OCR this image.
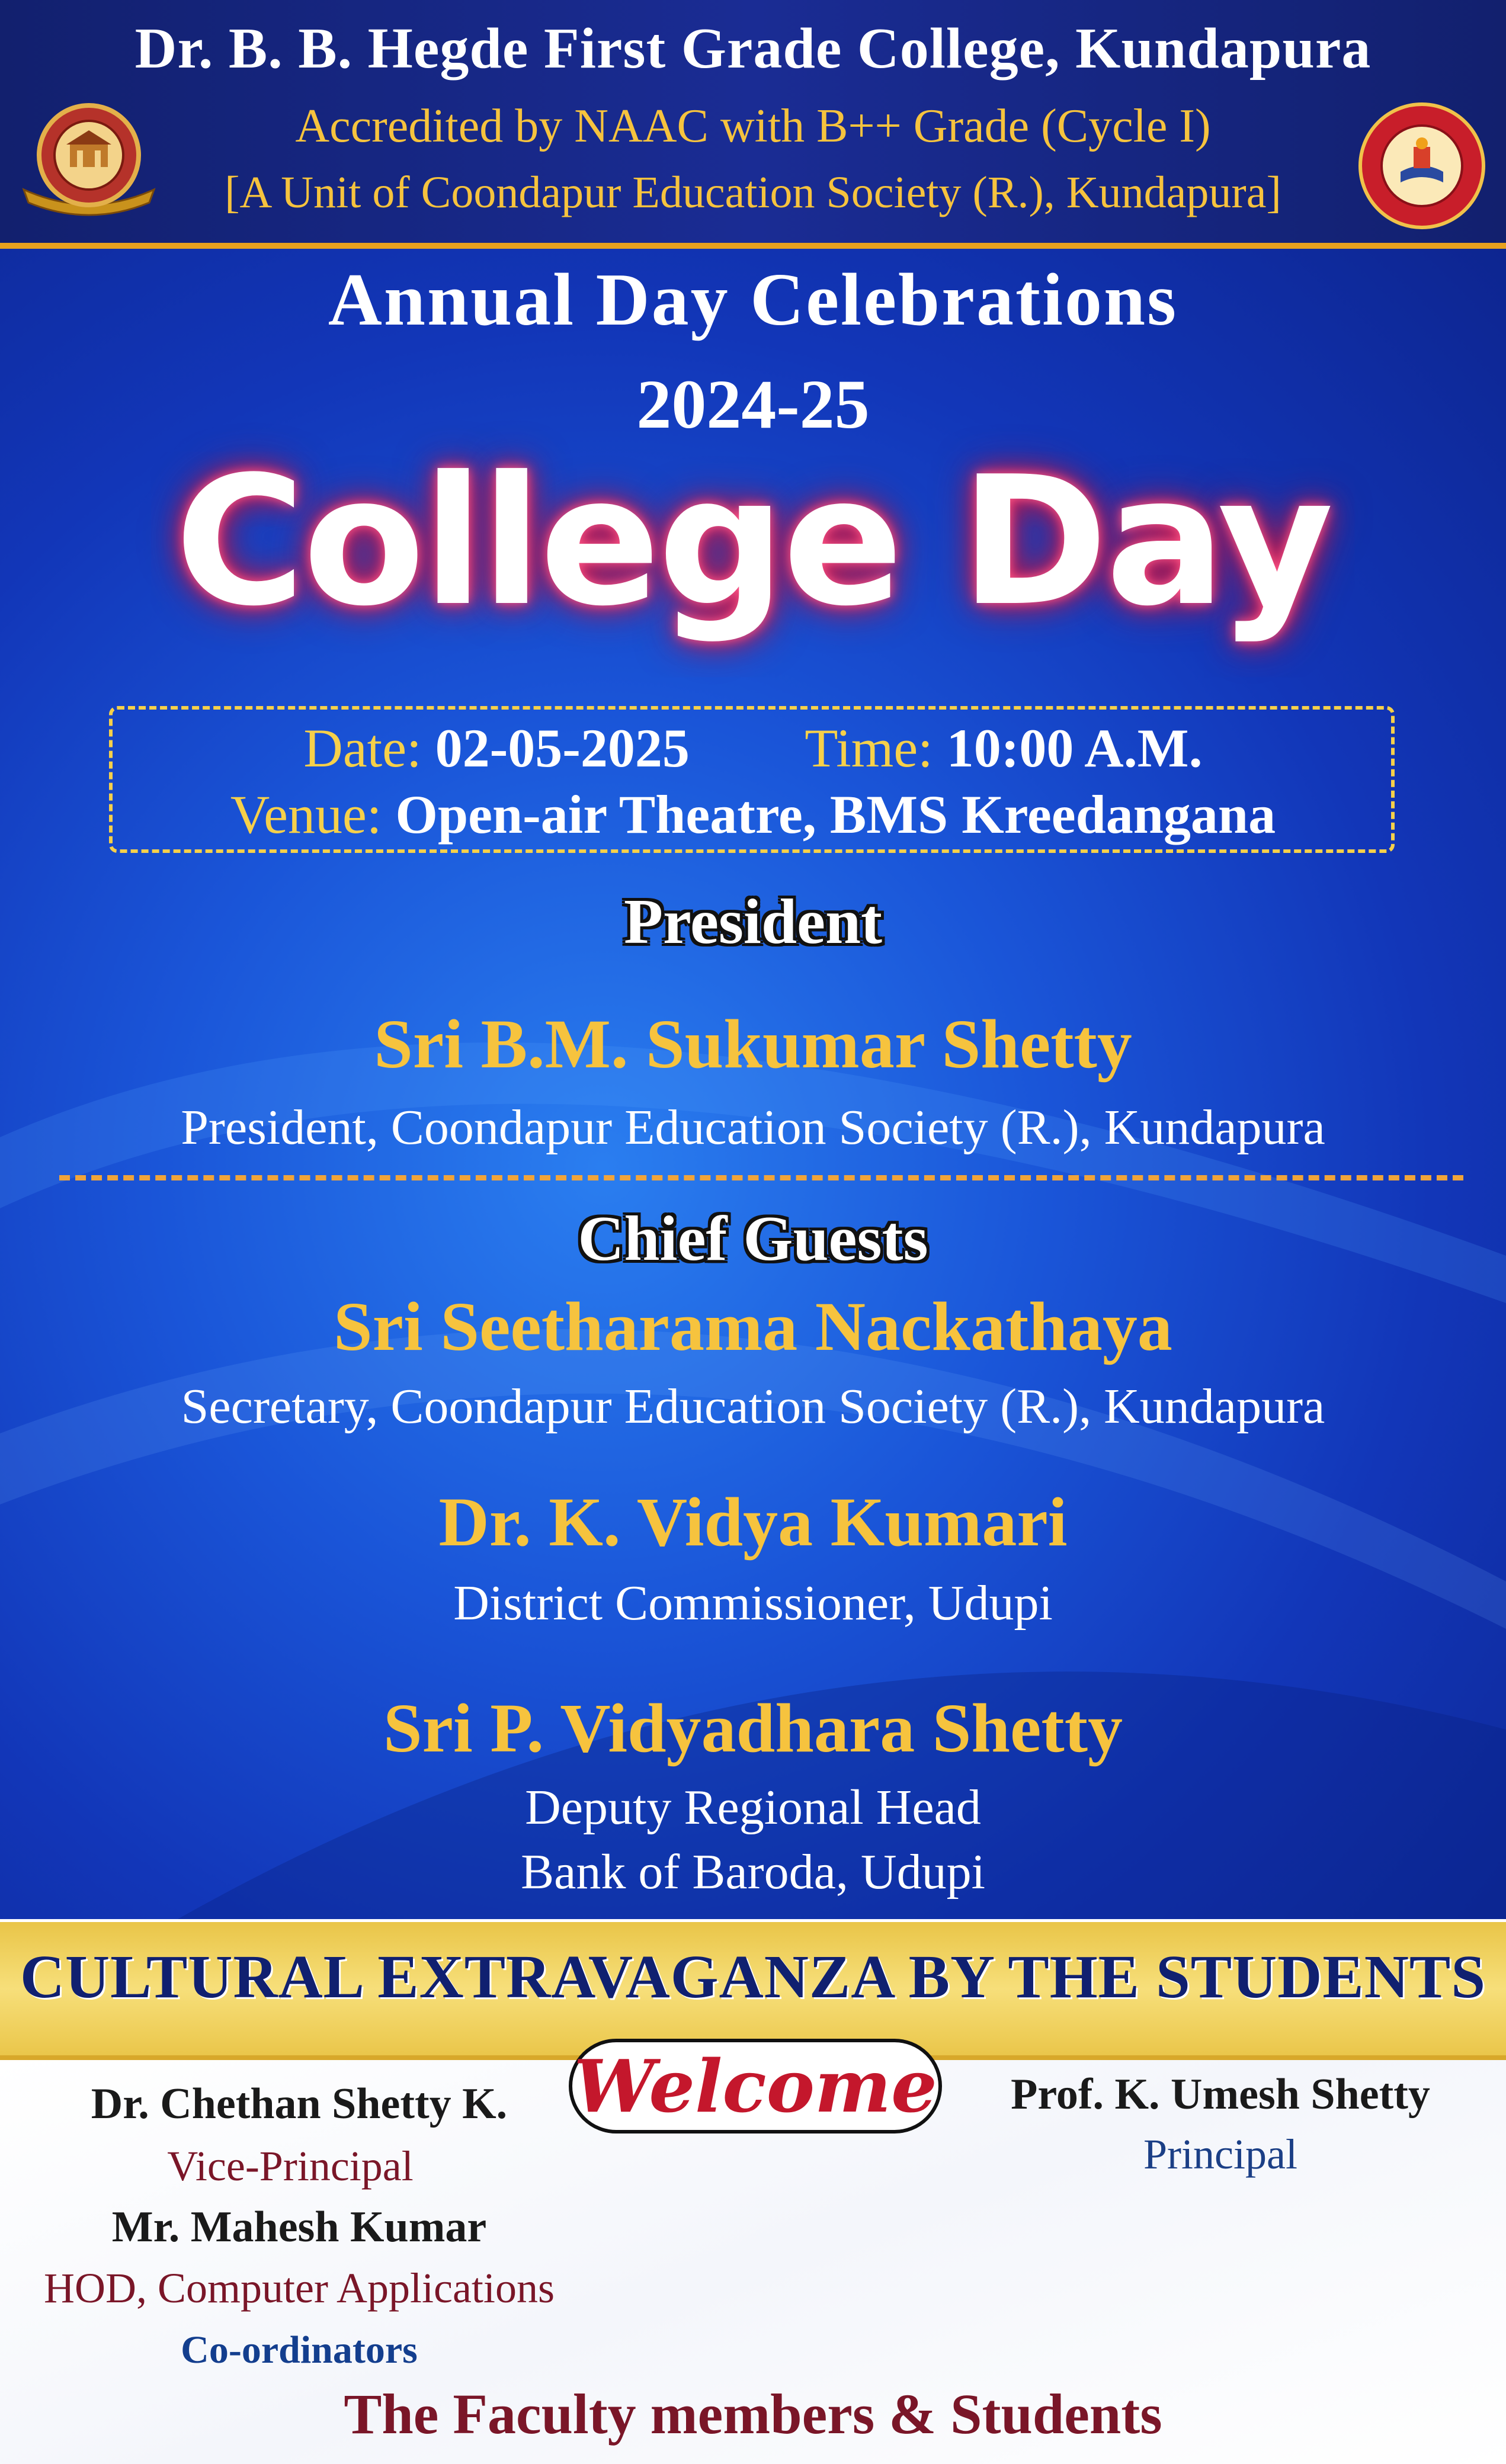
Dr. B. B. Hegde First Grade College, Kundapura
Accredited by NAAC with B++ Grade (Cycle I)
[A Unit of Coondapur Education Society (R.), Kundapura]
Annual Day Celebrations
2024-25
College Day
Date: 02-05-2025 Time: 10:00 A.M.
Venue: Open-air Theatre, BMS Kreedangana
President
Sri B.M. Sukumar Shetty
President, Coondapur Education Society (R.), Kundapura
Chief Guests
Sri Seetharama Nackathaya
Secretary, Coondapur Education Society (R.), Kundapura
Dr. K. Vidya Kumari
District Commissioner, Udupi
Sri P. Vidyadhara Shetty
Deputy Regional Head
Bank of Baroda, Udupi
CULTURAL EXTRAVAGANZA BY THE STUDENTS
Welcome
Dr. Chethan Shetty K.
Vice-Principal
Mr. Mahesh Kumar
HOD, Computer Applications
Co-ordinators
Prof. K. Umesh Shetty
Principal
The Faculty members & Students
